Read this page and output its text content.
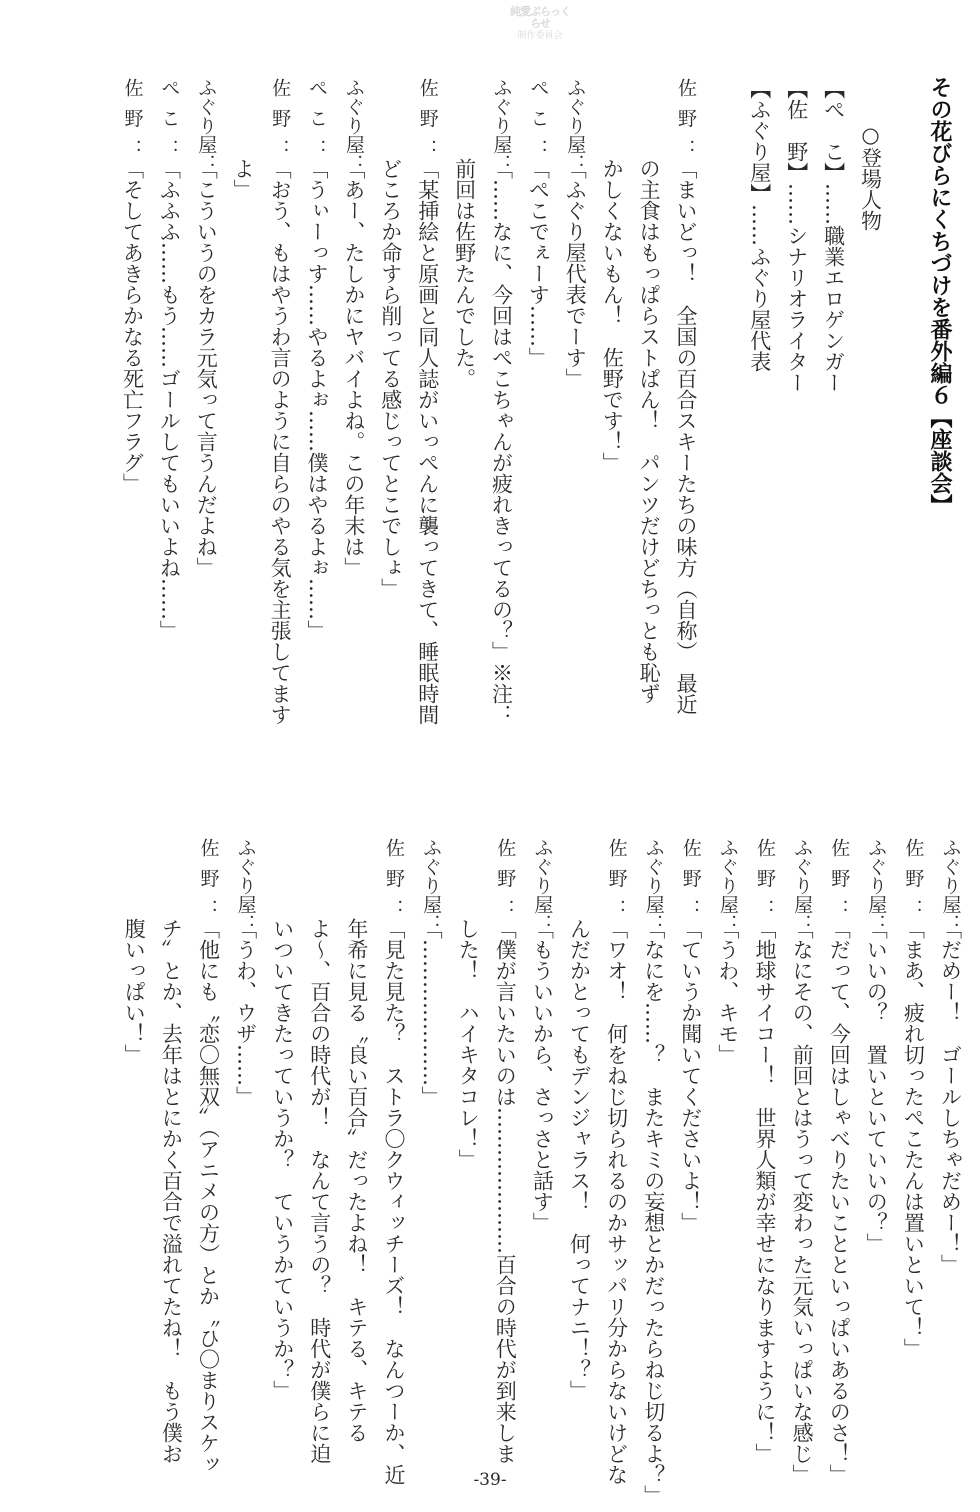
純愛ぶらっくらせ
制作委員会
その花びらにくちづけを番外編６【座談会】
○登場人物
【ぺ　こ】……職業エロゲンガー
【佐　野】……シナリオライター
【ふぐり屋】……ふぐり屋代表
佐野：「まいどっ！　全国の百合スキーたちの味方（自称）　最近
の主食はもっぱらストぱん！　パンツだけどちっとも恥ず
かしくないもん！　佐野です！」
ふぐり屋：「ふぐり屋代表でーす」
ぺこ：「ぺこでぇーす……」
ふぐり屋：「……なに、今回はぺこちゃんが疲れきってるの？」※注：
前回は佐野たんでした。
佐野：「某挿絵と原画と同人誌がいっぺんに襲ってきて、睡眠時間
どころか命すら削ってる感じってとこでしょ」
ふぐり屋：「あー、たしかにヤバイよね。この年末は」
ぺこ：「うぃーっす……やるよぉ……僕はやるよぉ……」
佐野：「おう、もはやうわ言のように自らのやる気を主張してます
よ」
ふぐり屋：「こういうのをカラ元気って言うんだよね」
ぺこ：「ふふふ……もう……ゴールしてもいいよね……」
佐野：「そしてあきらかなる死亡フラグ」
ふぐり屋：「だめー！　ゴールしちゃだめー！」
佐野：「まあ、疲れ切ったぺこたんは置いといて！」
ふぐり屋：「いいの？　置いといていいの？」
佐野：「だって、今回はしゃべりたいことといっぱいあるのさ！」
ふぐり屋：「なにその、前回とはうって変わった元気いっぱいな感じ」
佐野：「地球サイコー！　世界人類が幸せになりますように！」
ふぐり屋：「うわ、キモ」
佐野：「ていうか聞いてくださいよ！」
ふぐり屋：「なにを……？　またキミの妄想とかだったらねじ切るよ？」
佐野：「ワオ！　何をねじ切られるのかサッパリ分からないけどな
んだかとってもデンジャラス！　何ってナニ！？」
ふぐり屋：「もういいから、さっさと話す」
佐野：「僕が言いたいのは…………………百合の時代が到来しま
した！　ハイキタコレ！」
ふぐり屋：「…………………」
佐野：「見た見た？　ストラ〇クウィッチーズ！　なんつーか、近
年希に見る〝良い百合〟だったよね！　キテる、キテる
よ～、百合の時代が！　なんて言うの？　時代が僕らに迫
いついてきたっていうか？　ていうかていうか？」
ふぐり屋：「うわ、ウザ……」
佐野：「他にも〝恋〇無双〟（アニメの方）とか〝ひ〇まりスケッ
チ〟とか、去年はとにかく百合で溢れてたね！　もう僕お
腹いっぱい！」
-39-
